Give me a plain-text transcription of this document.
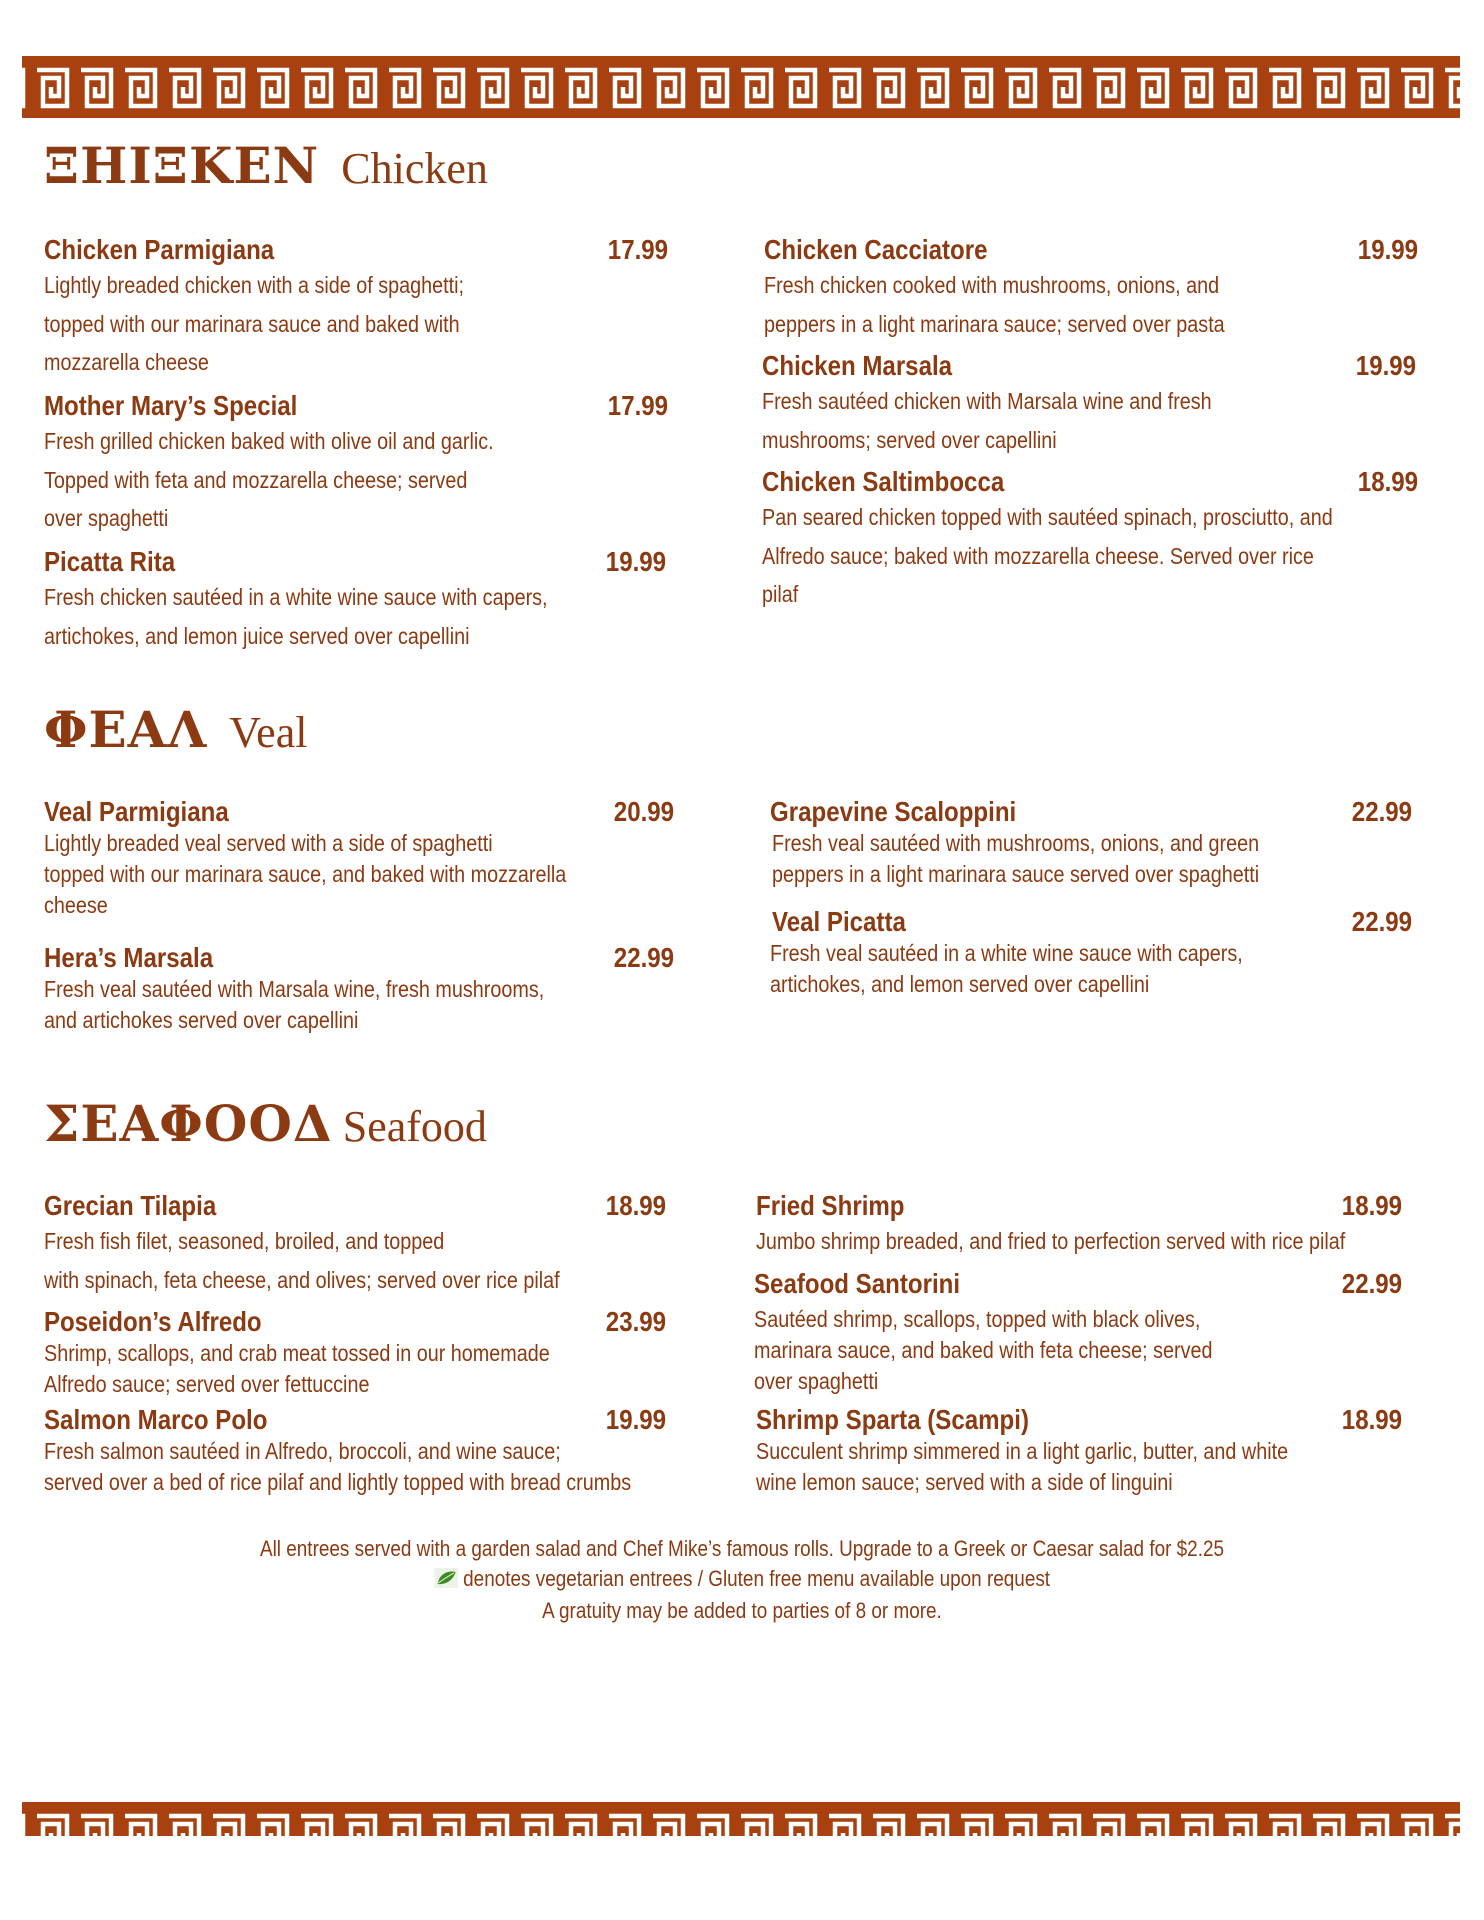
ΞΗΙΞΚΕΝ Chicken
Chicken Parmigiana	17.99

Lightly breaded chicken with a side of spaghetti;
topped with our marinara sauce and baked with
mozzarella cheese

Mother Mary’s Special	17.99

Fresh grilled chicken baked with olive oil and garlic.
Topped with feta and mozzarella cheese; served
over spaghetti

Picatta Rita	19.99

Fresh chicken sautéed in a white wine sauce with capers,
artichokes, and lemon juice served over capellini

Chicken Cacciatore	19.99

Fresh chicken cooked with mushrooms, onions, and
peppers in a light marinara sauce; served over pasta

Chicken Marsala	19.99

Fresh sautéed chicken with Marsala wine and fresh
mushrooms; served over capellini

Chicken Saltimbocca	18.99

Pan seared chicken topped with sautéed spinach, prosciutto, and
Alfredo sauce; baked with mozzarella cheese. Served over rice
pilaf

ΦΕΑΛ Veal
Veal Parmigiana	20.99

Lightly breaded veal served with a side of spaghetti
topped with our marinara sauce, and baked with mozzarella
cheese

Hera’s Marsala	22.99

Fresh veal sautéed with Marsala wine, fresh mushrooms,
and artichokes served over capellini

Grapevine Scaloppini	22.99

Fresh veal sautéed with mushrooms, onions, and green
peppers in a light marinara sauce served over spaghetti

Veal Picatta	22.99

Fresh veal sautéed in a white wine sauce with capers,
artichokes, and lemon served over capellini

ΣΕΑΦΟΟΔ Seafood
Grecian Tilapia	18.99

Fresh fish filet, seasoned, broiled, and topped
with spinach, feta cheese, and olives; served over rice pilaf

Poseidon’s Alfredo	23.99

Shrimp, scallops, and crab meat tossed in our homemade
Alfredo sauce; served over fettuccine

Salmon Marco Polo	19.99

Fresh salmon sautéed in Alfredo, broccoli, and wine sauce;
served over a bed of rice pilaf and lightly topped with bread crumbs

Fried Shrimp	18.99

Jumbo shrimp breaded, and fried to perfection served with rice pilaf

Seafood Santorini	22.99

Sautéed shrimp, scallops, topped with black olives,
marinara sauce, and baked with feta cheese; served
over spaghetti

Shrimp Sparta (Scampi)	18.99

Succulent shrimp simmered in a light garlic, butter, and white
wine lemon sauce; served with a side of linguini

All entrees served with a garden salad and Chef Mike’s famous rolls. Upgrade to a Greek or Caesar salad for $2.25
denotes vegetarian entrees / Gluten free menu available upon request
A gratuity may be added to parties of 8 or more.
